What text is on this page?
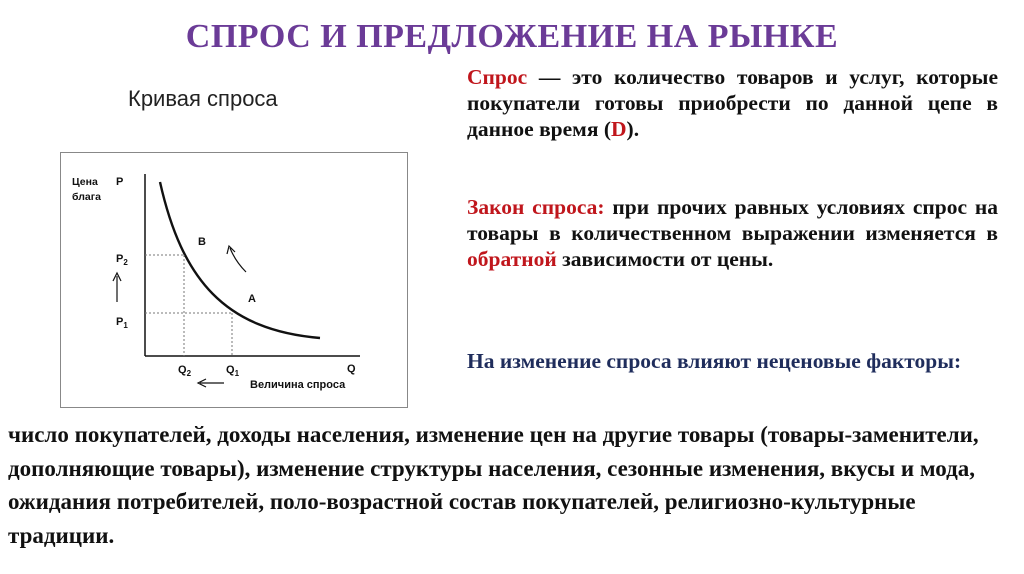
СПРОС И ПРЕДЛОЖЕНИЕ НА РЫНКЕ
Кривая спроса
Цена
блага
P
Q
Величина спроса
$P_2$
$P_1$
$Q_2$	$Q_1$
B
A
Спрос — это количество товаров и услуг, которые покупатели готовы приобрести по данной цепе в данное время (D).
Закон спроса: при прочих равных условиях спрос на товары в количественном выражении изменяется в обратной зависимости от цены.
На изменение спроса влияют неценовые факторы:
число покупателей, доходы населения, изменение цен на другие товары (товары-заменители, дополняющие товары), изменение структуры населения, сезонные изменения, вкусы и мода, ожидания потребителей, поло-возрастной состав покупателей, религиозно-культурные традиции.
